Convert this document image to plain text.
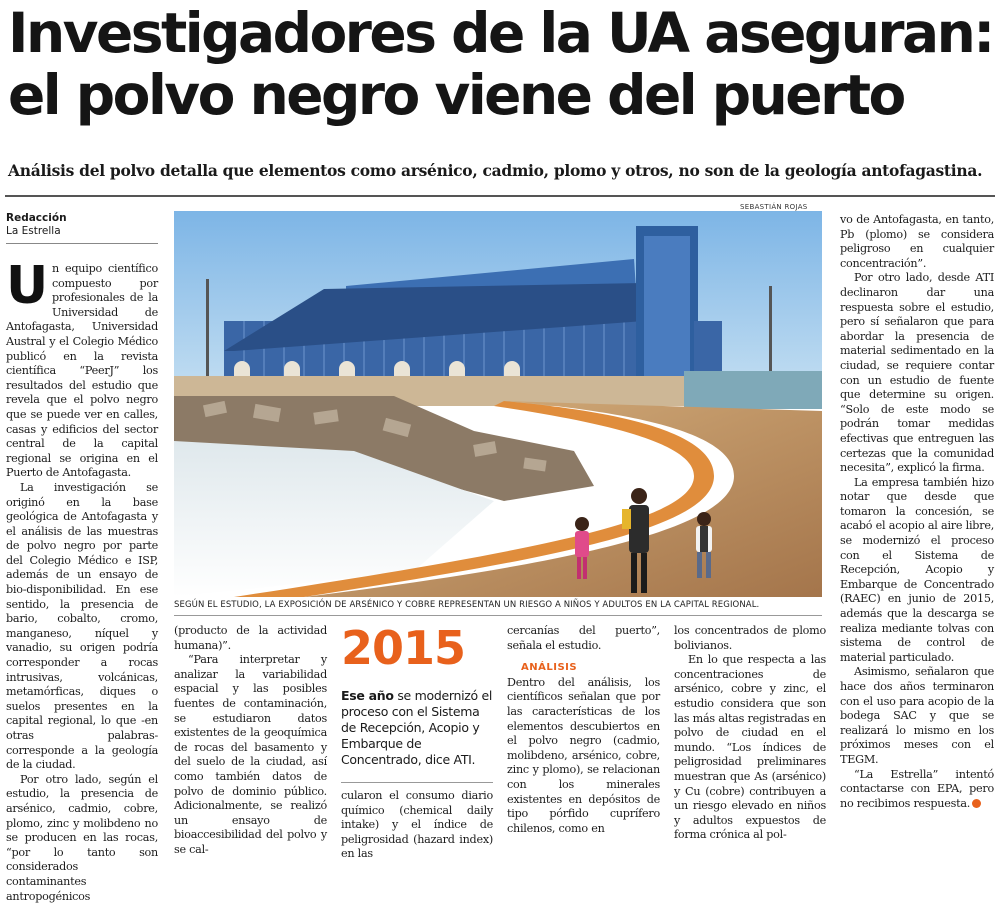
Investigadores de la UA aseguran:
el polvo negro viene del puerto
Análisis del polvo detalla que elementos como arsénico, cadmio, plomo y otros, no son de la geología antofagastina.
Redacción
La Estrella

Un equipo científico compuesto por profesionales de la Universidad de Antofagasta, Universidad Austral y el Colegio Médico publicó en la revista científica “PeerJ” los resultados del estudio que revela que el polvo negro que se puede ver en calles, casas y edificios del sector central de la capital regional se origina en el Puerto de Antofagasta.

La investigación se originó en la base geológica de Antofagasta y el análisis de las muestras de polvo negro por parte del Colegio Médico e ISP, además de un ensayo de bio-disponibilidad. En ese sentido, la presencia de bario, cobalto, cromo, manganeso, níquel y vanadio, su origen podría corresponder a rocas intrusivas, volcánicas, metamórficas, diques o suelos presentes en la capital regional, lo que -en otras palabras- corresponde a la geología de la ciudad.

Por otro lado, según el estudio, la presencia de arsénico, cadmio, cobre, plomo, zinc y molibdeno no se producen en las rocas, “por lo tanto son considerados contaminantes antropogénicos

SEBASTIÁN ROJAS
SEGÚN EL ESTUDIO, LA EXPOSICIÓN DE ARSÉNICO Y COBRE REPRESENTAN UN RIESGO A NIÑOS Y ADULTOS EN LA CAPITAL REGIONAL.

(producto de la actividad humana)”.

“Para interpretar y analizar la variabilidad espacial y las posibles fuentes de contaminación, se estudiaron datos existentes de la geoquímica de rocas del basamento y del suelo de la ciudad, así como también datos de polvo de dominio público. Adicionalmente, se realizó un ensayo de bioaccesibilidad del polvo y se cal-

2015
Ese año se modernizó el proceso con el Sistema de Recepción, Acopio y Embarque de Concentrado, dice ATI.

cularon el consumo diario químico (chemical daily intake) y el índice de peligrosidad (hazard index) en las

cercanías del puerto”, señala el estudio.

ANÁLISIS

Dentro del análisis, los científicos señalan que por las características de los elementos descubiertos en el polvo negro (cadmio, molibdeno, arsénico, cobre, zinc y plomo), se relacionan con los minerales existentes en depósitos de tipo pórfido cuprífero chilenos, como en

los concentrados de plomo bolivianos.

En lo que respecta a las concentraciones de arsénico, cobre y zinc, el estudio considera que son las más altas registradas en polvo de ciudad en el mundo. “Los índices de peligrosidad preliminares muestran que As (arsénico) y Cu (cobre) contribuyen a un riesgo elevado en niños y adultos expuestos de forma crónica al pol-

vo de Antofagasta, en tanto, Pb (plomo) se considera peligroso en cualquier concentración”.

Por otro lado, desde ATI declinaron dar una respuesta sobre el estudio, pero sí señalaron que para abordar la presencia de material sedimentado en la ciudad, se requiere contar con un estudio de fuente que determine su origen. “Solo de este modo se podrán tomar medidas efectivas que entreguen las certezas que la comunidad necesita”, explicó la firma.

La empresa también hizo notar que desde que tomaron la concesión, se acabó el acopio al aire libre, se modernizó el proceso con el Sistema de Recepción, Acopio y Embarque de Concentrado (RAEC) en junio de 2015, además que la descarga se realiza mediante tolvas con sistema de control de material particulado.

Asimismo, señalaron que hace dos años terminaron con el uso para acopio de la bodega SAC y que se realizará lo mismo en los próximos meses con el TEGM.

“La Estrella” intentó contactarse con EPA, pero no recibimos respuesta.
